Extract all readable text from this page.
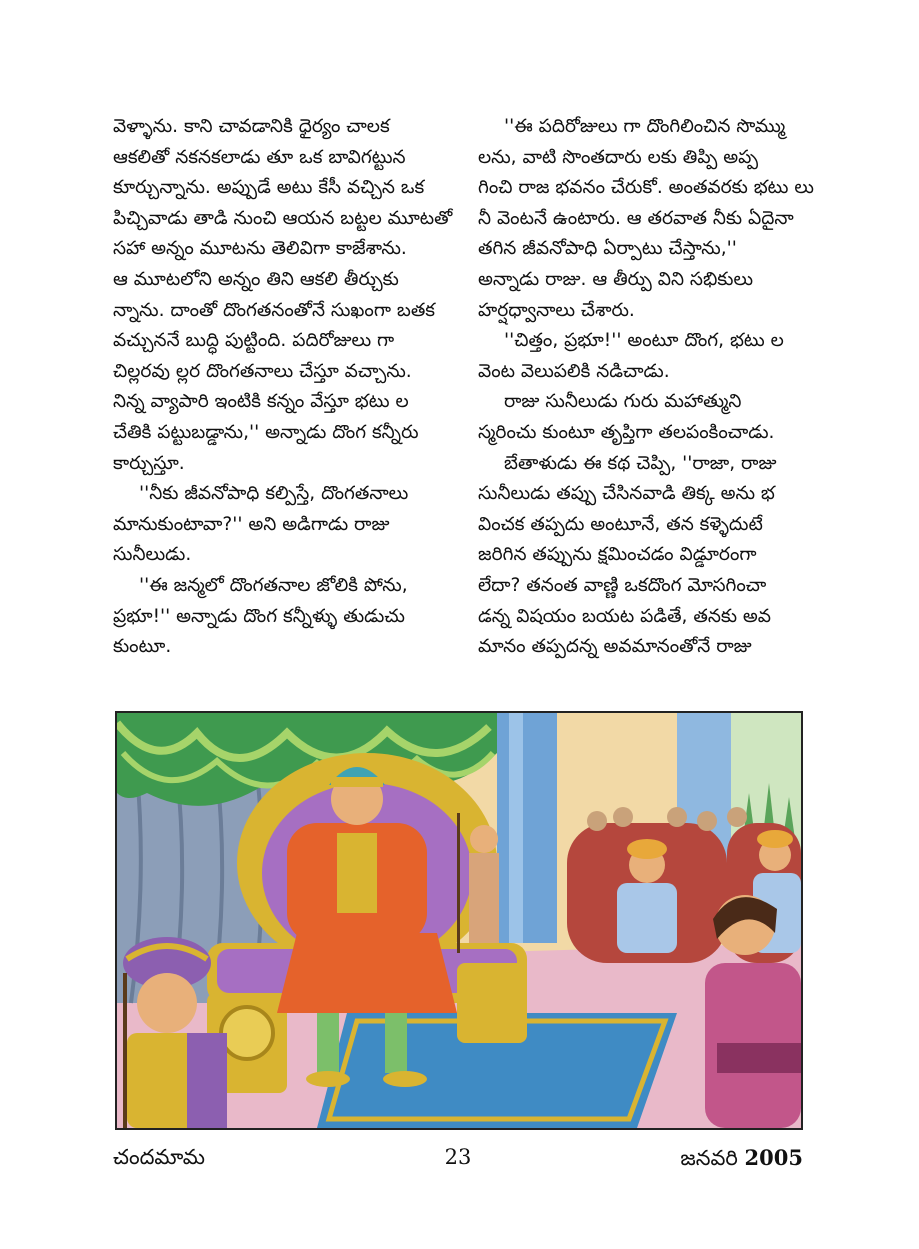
వెళ్ళాను. కాని చావడానికి ధైర్యం చాలక
ఆకలితో నకనకలాడు తూ ఒక బావిగట్టున
కూర్చున్నాను. అప్పుడే అటు కేసీ వచ్చిన ఒక
పిచ్చివాడు తాడి నుంచి ఆయన బట్టల మూటతో
సహా అన్నం మూటను తెలివిగా కాజేశాను.
ఆ మూటలోని అన్నం తిని ఆకలి తీర్చుకు
న్నాను. దాంతో దొంగతనంతోనే సుఖంగా బతక
వచ్చుననే బుద్ధి పుట్టింది. పదిరోజులు గా
చిల్లరవు ల్లర దొంగతనాలు చేస్తూ వచ్చాను.
నిన్న వ్యాపారి ఇంటికి కన్నం వేస్తూ భటు ల
చేతికి పట్టుబడ్డాను,'' అన్నాడు దొంగ కన్నీరు
కార్చుస్తూ.
''నీకు జీవనోపాధి కల్పిస్తే, దొంగతనాలు
మానుకుంటావా?'' అని అడిగాడు రాజు
సునీలుడు.
''ఈ జన్మలో దొంగతనాల జోలికి పోను,
ప్రభూ!'' అన్నాడు దొంగ కన్నీళ్ళు తుడుచు
కుంటూ.
''ఈ పదిరోజులు గా దొంగిలించిన సొమ్ము
లను, వాటి సొంతదారు లకు తిప్పి అప్ప
గించి రాజ భవనం చేరుకో. అంతవరకు భటు లు
నీ వెంటనే ఉంటారు. ఆ తరవాత నీకు ఏదైనా
తగిన జీవనోపాధి ఏర్పాటు చేస్తాను,''
అన్నాడు రాజు. ఆ తీర్పు విని సభికులు
హర్షధ్వానాలు చేశారు.
''చిత్తం, ప్రభూ!'' అంటూ దొంగ, భటు ల
వెంట వెలుపలికి నడిచాడు.
రాజు సునీలుడు గురు మహాత్ముని
స్మరించు కుంటూ తృప్తిగా తలపంకించాడు.
బేతాళుడు ఈ కథ చెప్పి, ''రాజా, రాజు
సునీలుడు తప్పు చేసినవాడి తిక్క అను భ
వించక తప్పదు అంటూనే, తన కళ్ళెదుటే
జరిగిన తప్పును క్షమించడం విడ్డూరంగా
లేదా? తనంత వాణ్ణి ఒకదొంగ మోసగించా
డన్న విషయం బయట పడితే, తనకు అవ
మానం తప్పదన్న అవమానంతోనే రాజు
చందమామ	23	జనవరి 2005
